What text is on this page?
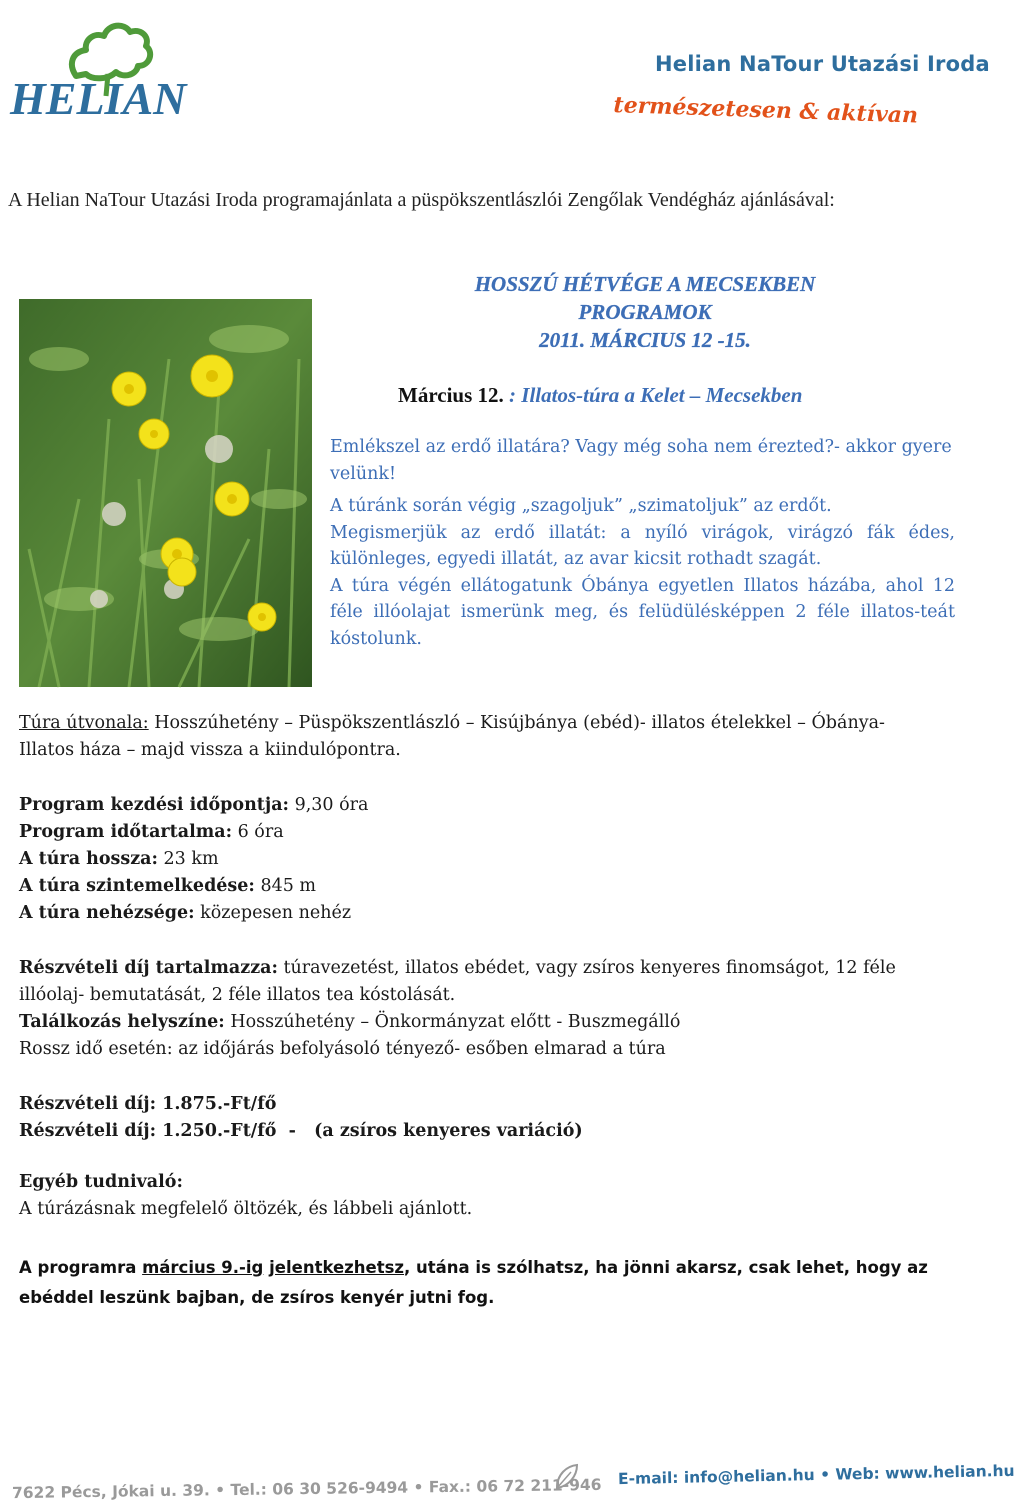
HELIAN
Helian NaTour Utazási Iroda
természetesen & aktívan
A Helian NaTour Utazási Iroda programajánlata a püspökszentlászlói Zengőlak Vendégház ajánlásával:
HOSSZÚ HÉTVÉGE A MECSEKBEN
PROGRAMOK
2011. MÁRCIUS 12 -15.
Március 12. : Illatos-túra a Kelet – Mecsekben
Emlékszel az erdő illatára? Vagy még soha nem érezted?- akkor gyere velünk!

A túránk során végig „szagoljuk” „szimatoljuk” az erdőt.

Megismerjük az erdő illatát: a nyíló virágok, virágzó fák édes, különleges, egyedi illatát, az avar kicsit rothadt szagát.

A túra végén ellátogatunk Óbánya egyetlen Illatos házába, ahol 12 féle illóolajat ismerünk meg, és felüdülésképpen 2 féle illatos-teát kóstolunk.

Túra útvonala: Hosszúhetény – Püspökszentlászló – Kisújbánya (ebéd)- illatos ételekkel – Óbánya- Illatos háza – majd vissza a kiindulópontra.
Program kezdési időpontja: 9,30 óra
Program időtartalma: 6 óra
A túra hossza: 23 km
A túra szintemelkedése: 845 m
A túra nehézsége: közepesen nehéz
Részvételi díj tartalmazza: túravezetést, illatos ebédet, vagy zsíros kenyeres finomságot, 12 féle illóolaj- bemutatását, 2 féle illatos tea kóstolását.
Találkozás helyszíne: Hosszúhetény – Önkormányzat előtt - Buszmegálló
Rossz idő esetén: az időjárás befolyásoló tényező- esőben elmarad a túra
Részvételi díj: 1.875.-Ft/fő
Részvételi díj: 1.250.-Ft/fő  -   (a zsíros kenyeres variáció)
Egyéb tudnivaló:
A túrázásnak megfelelő öltözék, és lábbeli ajánlott.
A programra március 9.-ig jelentkezhetsz, utána is szólhatsz, ha jönni akarsz, csak lehet, hogy az ebéddel leszünk bajban, de zsíros kenyér jutni fog.
7622 Pécs, Jókai u. 39. • Tel.: 06 30 526-9494 • Fax.: 06 72 211-946
E-mail: info@helian.hu • Web: www.helian.hu
